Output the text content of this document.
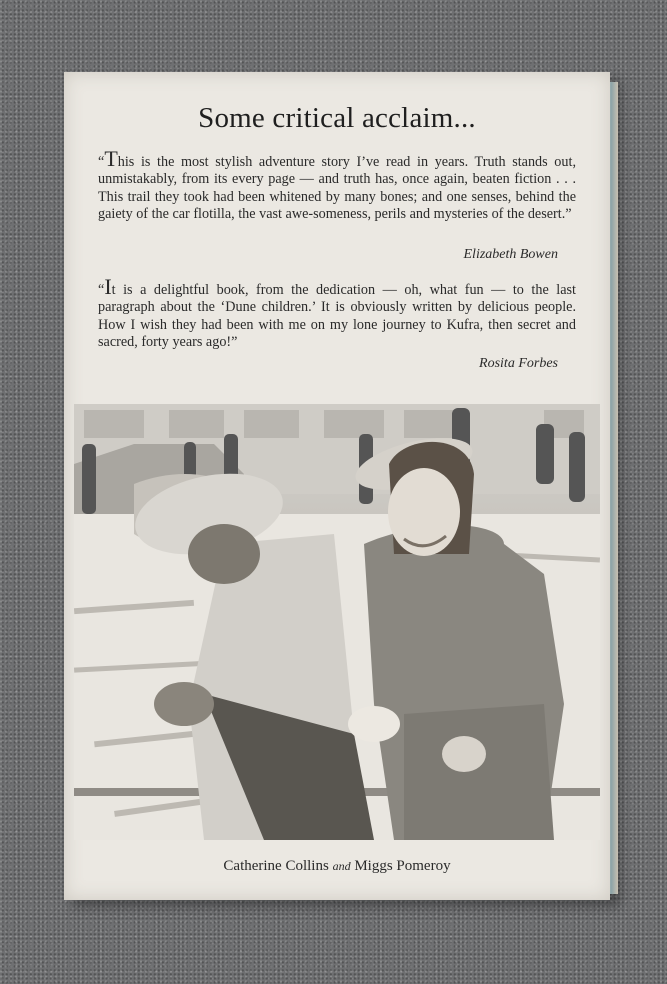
Some critical acclaim...
“This is the most stylish adventure story I’ve read in years. Truth stands out, unmistakably, from its every page — and truth has, once again, beaten fiction . . . This trail they took had been whitened by many bones; and one senses, behind the gaiety of the car flotilla, the vast awe-someness, perils and mysteries of the desert.”
Elizabeth Bowen
“It is a delightful book, from the dedication — oh, what fun — to the last paragraph about the ‘Dune children.’ It is obviously written by delicious people. How I wish they had been with me on my lone journey to Kufra, then secret and sacred, forty years ago!”
Rosita Forbes
Catherine Collins and Miggs Pomeroy
